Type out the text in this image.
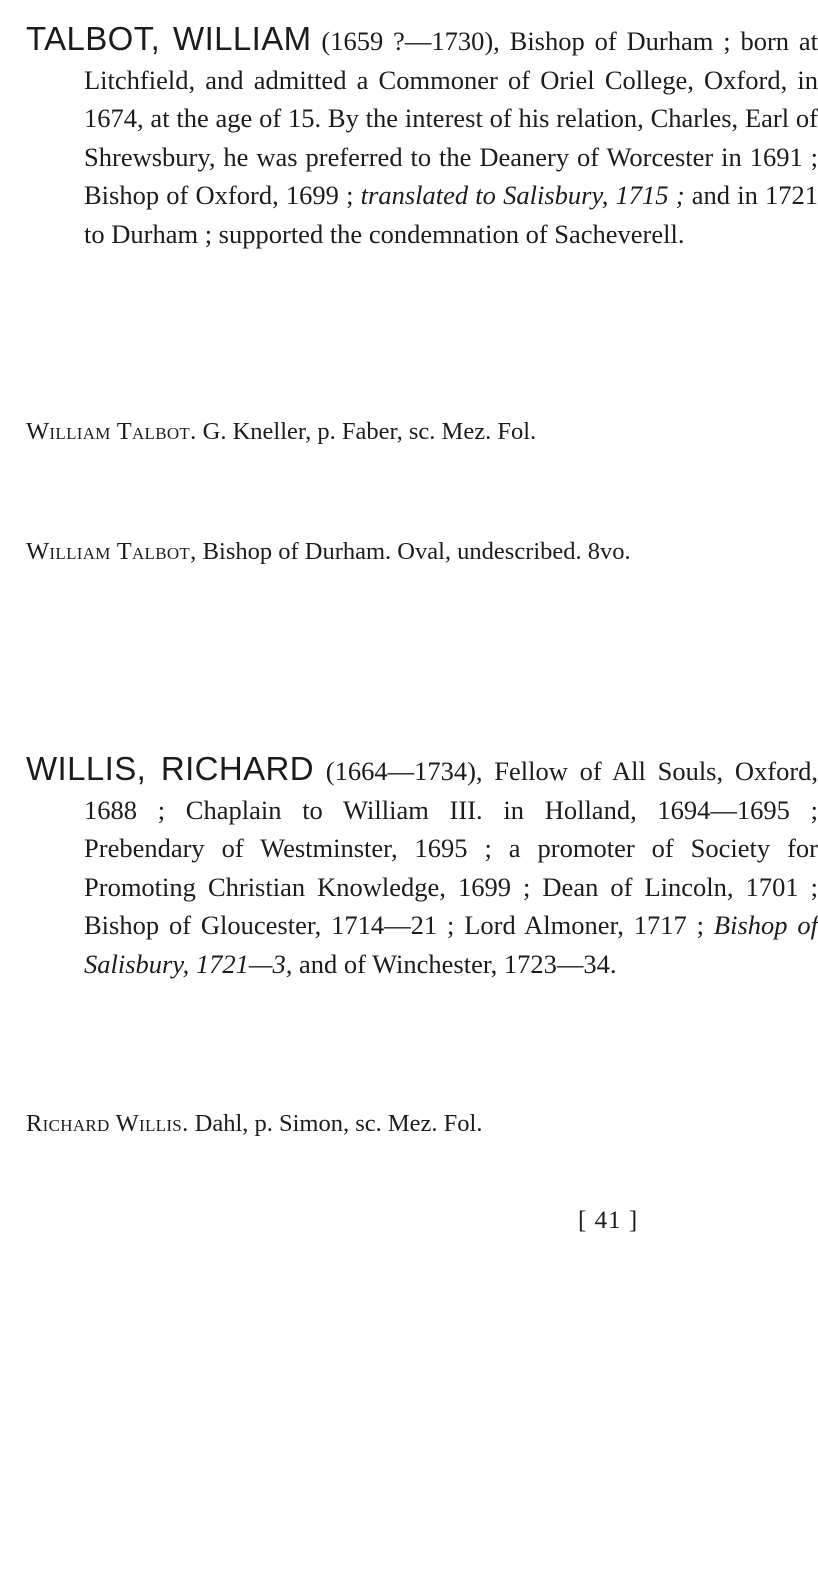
TALBOT, WILLIAM (1659 ?—1730), Bishop of Durham ; born at Litchfield, and admitted a Commoner of Oriel College, Oxford, in 1674, at the age of 15. By the interest of his relation, Charles, Earl of Shrewsbury, he was preferred to the Deanery of Worcester in 1691 ; Bishop of Oxford, 1699 ; translated to Salisbury, 1715 ; and in 1721 to Durham ; supported the condemnation of Sacheverell.
William Talbot. G. Kneller, p. Faber, sc. Mez. Fol.
William Talbot, Bishop of Durham. Oval, undescribed. 8vo.
WILLIS, RICHARD (1664—1734), Fellow of All Souls, Oxford, 1688 ; Chaplain to William III. in Holland, 1694—1695 ; Prebendary of Westminster, 1695 ; a promoter of Society for Promoting Christian Knowledge, 1699 ; Dean of Lincoln, 1701 ; Bishop of Gloucester, 1714—21 ; Lord Almoner, 1717 ; Bishop of Salisbury, 1721—3, and of Winchester, 1723—34.
Richard Willis. Dahl, p. Simon, sc. Mez. Fol.
[ 41 ]
